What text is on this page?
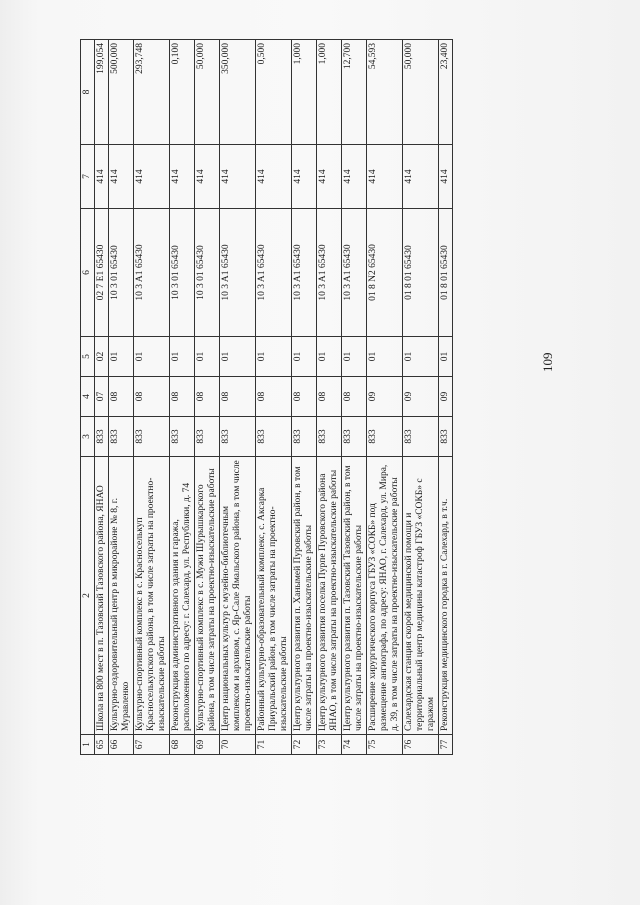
109
1	2	3	4	5	6	7	8
65	Школа на 800 мест в п. Тазовский Тазовского района, ЯНАО	833	07	02	02 7 E1 65430	414	199,054
66	Культурно-оздоровительный центр в микрорайоне № 8, г. Муравленко	833	08	01	10 3 01 65430	414	500,000
67	Культурно-спортивный комплекс в с. Красноселькуп Красноселькупского района, в том числе затраты на проектно-изыскательские работы	833	08	01	10 3 A1 65430	414	293,748
68	Реконструкция административного здания и гаража, расположенного по адресу: г. Салехард, ул. Республики, д. 74	833	08	01	10 3 01 65430	414	0,100
69	Культурно-спортивный комплекс в с. Мужи Шурышкарского района, в том числе затраты на проектно-изыскательские работы	833	08	01	10 3 01 65430	414	50,000
70	Центр национальных культур с музейно-библиотечным комплексом и архивом, с. Яр-Сале Ямальского района, в том числе проектно-изыскательские работы	833	08	01	10 3 A1 65430	414	350,000
71	Районный культурно-образовательный комплекс, с. Аксарка Приуральский район, в том числе затраты на проектно-изыскательские работы	833	08	01	10 3 A1 65430	414	0,500
72	Центр культурного развития п. Ханымей Пуровский район, в том числе затраты на проектно-изыскательские работы	833	08	01	10 3 A1 65430	414	1,000
73	Центр культурного развития поселка Пурпе Пуровского района ЯНАО, в том числе затраты на проектно-изыскательские работы	833	08	01	10 3 A1 65430	414	1,000
74	Центр культурного развития п. Тазовский Тазовский район, в том числе затраты на проектно-изыскательские работы	833	08	01	10 3 A1 65430	414	12,700
75	Расширение хирургического корпуса ГБУЗ «СОКБ» под размещение ангиографа, по адресу: ЯНАО, г. Салехард, ул. Мира, д. 39, в том числе затраты на проектно-изыскательские работы	833	09	01	01 8 N2 65430	414	54,593
76	Салехардская станция скорой медицинской помощи и территориальный центр медицины катастроф ГБУЗ «СОКБ» с гаражом	833	09	01	01 8 01 65430	414	50,000
77	Реконструкция медицинского городка в г. Салехард, в т.ч.	833	09	01	01 8 01 65430	414	23,400
